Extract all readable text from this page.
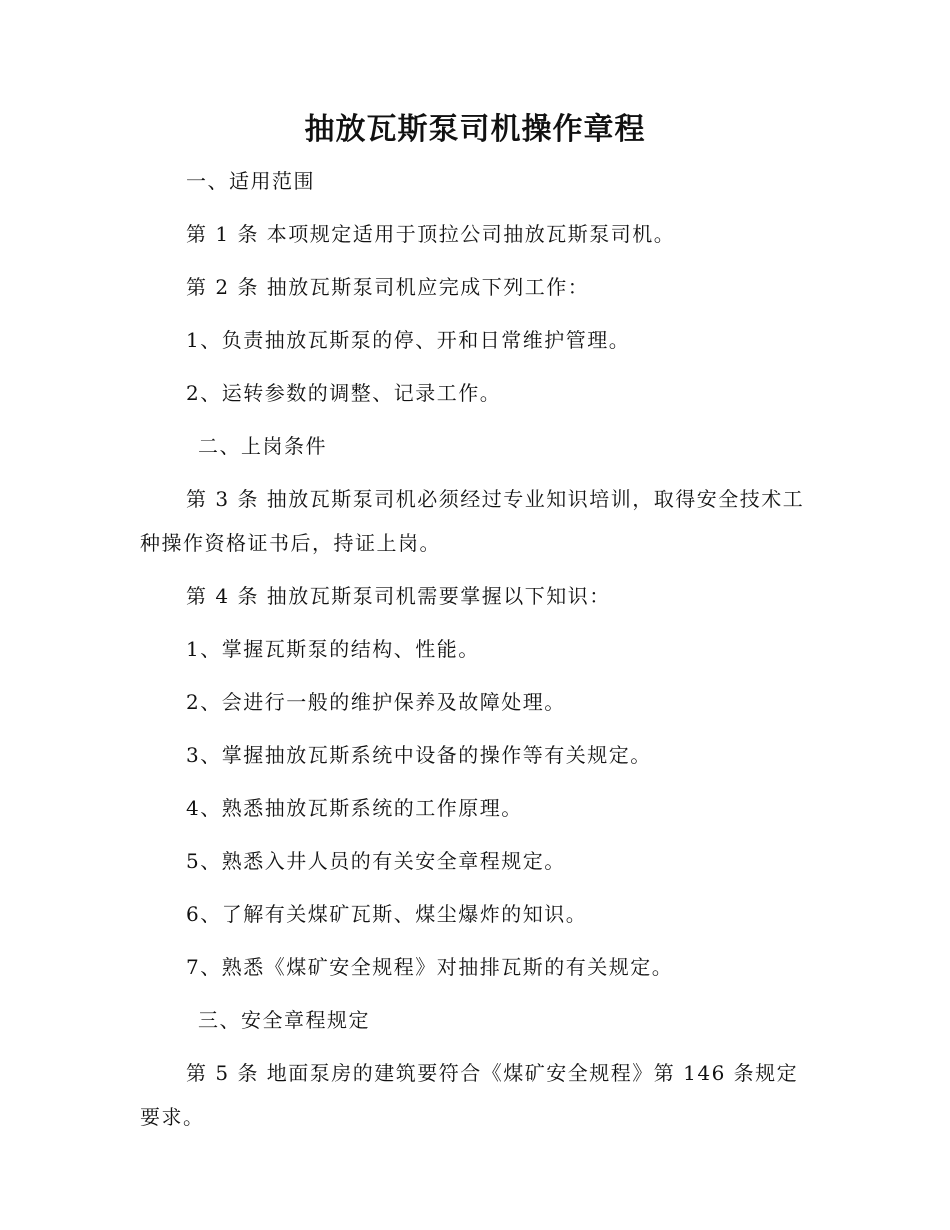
抽放瓦斯泵司机操作章程

一、适用范围

第 1 条 本项规定适用于顶拉公司抽放瓦斯泵司机。

第 2 条 抽放瓦斯泵司机应完成下列工作：

1、负责抽放瓦斯泵的停、开和日常维护管理。

2、运转参数的调整、记录工作。

二、上岗条件

第 3 条 抽放瓦斯泵司机必须经过专业知识培训，取得安全技术工种操作资格证书后，持证上岗。

第 4 条 抽放瓦斯泵司机需要掌握以下知识：

1、掌握瓦斯泵的结构、性能。

2、会进行一般的维护保养及故障处理。

3、掌握抽放瓦斯系统中设备的操作等有关规定。

4、熟悉抽放瓦斯系统的工作原理。

5、熟悉入井人员的有关安全章程规定。

6、了解有关煤矿瓦斯、煤尘爆炸的知识。

7、熟悉《煤矿安全规程》对抽排瓦斯的有关规定。

三、安全章程规定

第 5 条 地面泵房的建筑要符合《煤矿安全规程》第 146 条规定要求。
